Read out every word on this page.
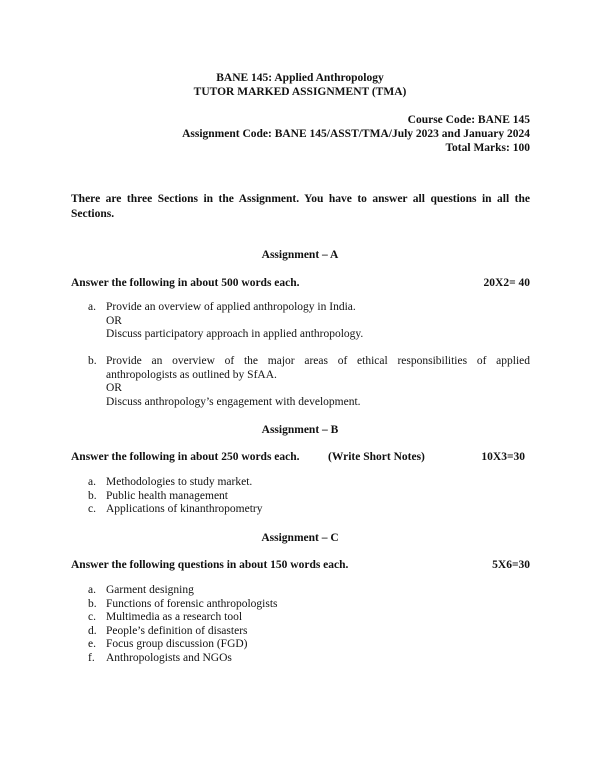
BANE 145: Applied Anthropology
TUTOR MARKED ASSIGNMENT (TMA)
Course Code: BANE 145
Assignment Code: BANE 145/ASST/TMA/July 2023 and January 2024
Total Marks: 100
There are three Sections in the Assignment. You have to answer all questions in all the Sections.
Assignment – A
Answer the following in about 500 words each.	20X2= 40
a. Provide an overview of applied anthropology in India.
OR
Discuss participatory approach in applied anthropology.
b. Provide an overview of the major areas of ethical responsibilities of applied
anthropologists as outlined by SfAA.
OR
Discuss anthropology’s engagement with development.
Assignment – B
Answer the following in about 250 words each. (Write Short Notes)	10X3=30
a. Methodologies to study market.
b. Public health management
c. Applications of kinanthropometry
Assignment – C
Answer the following questions in about 150 words each.	5X6=30
a. Garment designing
b. Functions of forensic anthropologists
c. Multimedia as a research tool
d. People’s definition of disasters
e. Focus group discussion (FGD)
f. Anthropologists and NGOs
